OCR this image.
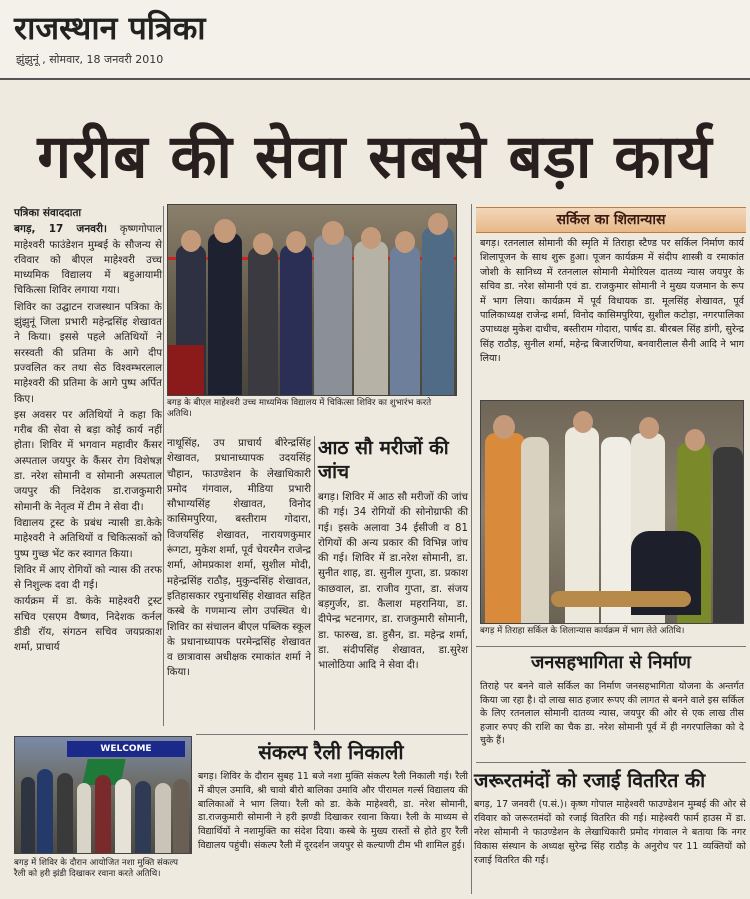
राजस्थान पत्रिका
झुंझुनूं , सोमवार, 18 जनवरी 2010
गरीब की सेवा सबसे बड़ा कार्य

पत्रिका संवाददाता

बगड़, 17 जनवरी। कृष्णगोपाल माहेश्वरी फाउंडेशन मुम्बई के सौजन्य से रविवार को बीएल माहेश्वरी उच्च माध्यमिक विद्यालय में बहुआयामी चिकित्सा शिविर लगाया गया।

शिविर का उद्घाटन राजस्थान पत्रिका के झुंझुनूं जिला प्रभारी महेन्द्रसिंह शेखावत ने किया। इससे पहले अतिथियों ने सरस्वती की प्रतिमा के आगे दीप प्रज्वलित कर तथा सेठ विश्वम्भरलाल माहेश्वरी की प्रतिमा के आगे पुष्प अर्पित किए।

इस अवसर पर अतिथियों ने कहा कि गरीब की सेवा से बड़ा कोई कार्य नहीं होता। शिविर में भगवान महावीर कैंसर अस्पताल जयपुर के कैंसर रोग विशेषज्ञ डा. नरेश सोमानी व सोमानी अस्पताल जयपुर की निदेशक डा.राजकुमारी सोमानी के नेतृत्व में टीम ने सेवा दी।

विद्यालय ट्रस्ट के प्रबंध न्यासी डा.केके माहेश्वरी ने अतिथियों व चिकित्सकों को पुष्प गुच्छ भेंट कर स्वागत किया।

शिविर में आए रोगियों को न्यास की तरफ से निशुल्क दवा दी गई।

कार्यक्रम में डा. केके माहेश्वरी ट्रस्ट सचिव एसएम वैष्णव, निदेशक कर्नल डीडी रॉय, संगठन सचिव जयप्रकाश शर्मा, प्राचार्य

बगड़ के बीएल माहेश्वरी उच्च माध्यमिक विद्यालय में चिकित्सा शिविर का शुभारंभ करते अतिथि।
नाथूसिंह, उप प्राचार्य बीरेन्द्रसिंह शेखावत, प्रधानाध्यापक उदयसिंह चौहान, फाउण्डेशन के लेखाधिकारी प्रमोद गंगवाल, मीडिया प्रभारी सौभाग्यसिंह शेखावत, विनोद कासिमपुरिया, बस्तीराम गोदारा, विजयसिंह शेखावत, नारायणकुमार रूंगटा, मुकेश शर्मा, पूर्व चेयरमैन राजेन्द्र शर्मा, ओमप्रकाश शर्मा, सुशील मोदी, महेन्द्रसिंह राठौड़, मुकुन्दसिंह शेखावत, इतिहासकार रघुनाथसिंह शेखावत सहित कस्बे के गणमान्य लोग उपस्थित थे। शिविर का संचालन बीएल पब्लिक स्कूल के प्रधानाध्यापक परमेन्द्रसिंह शेखावत व छात्रावास अधीक्षक रमाकांत शर्मा ने किया।
आठ सौ मरीजों की जांच
बगड़। शिविर में आठ सौ मरीजों की जांच की गई। 34 रोगियों की सोनोग्राफी की गई। इसके अलावा 34 ईसीजी व 81 रोगियों की अन्य प्रकार की विभिन्न जांच की गई। शिविर में डा.नरेश सोमानी, डा. सुनीत शाह, डा. सुनील गुप्ता, डा. प्रकाश काछवाल, डा. राजीव गुप्ता, डा. संजय बड़गुर्जर, डा. कैलाश महरानिया, डा. दीपेन्द्र भटनागर, डा. राजकुमारी सोमानी, डा. फारुख, डा. हुसैन, डा. महेन्द्र शर्मा, डा. संदीपसिंह शेखावत, डा.सुरेश भालोठिया आदि ने सेवा दी।
संकल्प रैली निकाली
बगड़। शिविर के दौरान सुबह 11 बजे नशा मुक्ति संकल्प रैली निकाली गई। रैली में बीएल उमावि, श्री चावो बीरो बालिका उमावि और पीरामल गर्ल्स विद्यालय की बालिकाओं ने भाग लिया। रैली को डा. केके माहेश्वरी, डा. नरेश सोमानी, डा.राजकुमारी सोमानी ने हरी झण्डी दिखाकर रवाना किया। रैली के माध्यम से विद्यार्थियों ने नशामुक्ति का संदेश दिया। कस्बे के मुख्य रास्तों से होते हुए रैली विद्यालय पहुंची। संकल्प रैली में दूरदर्शन जयपुर से कल्याणी टीम भी शामिल हुई।
WELCOME
बगड़ में शिविर के दौरान आयोजित नशा मुक्ति संकल्प रैली को हरी झंडी दिखाकर रवाना करते अतिथि।
सर्किल का शिलान्यास
बगड़। रतनलाल सोमानी की स्मृति में तिराहा स्टैण्ड पर सर्किल निर्माण कार्य शिलापूजन के साथ शुरू हुआ। पूजन कार्यक्रम में संदीप शास्त्री व रमाकांत जोशी के सानिध्य में रतनलाल सोमानी मेमोरियल दातव्य न्यास जयपुर के सचिव डा. नरेश सोमानी एवं डा. राजकुमार सोमानी ने मुख्य यजमान के रूप में भाग लिया। कार्यक्रम में पूर्व विधायक डा. मूलसिंह शेखावत, पूर्व पालिकाध्यक्ष राजेन्द्र शर्मा, विनोद कासिमपुरिया, सुशील कटोड़ा, नगरपालिका उपाध्यक्ष मुकेश दाधीच, बस्तीराम गोदारा, पार्षद डा. बीरबल सिंह डांगी, सुरेन्द्र सिंह राठौड़, सुनील शर्मा, महेन्द्र बिजारणिया, बनवारीलाल सैनी आदि ने भाग लिया।
बगड़ में तिराहा सर्किल के शिलान्यास कार्यक्रम में भाग लेते अतिथि।
जनसहभागिता से निर्माण
तिराहे पर बनने वाले सर्किल का निर्माण जनसहभागिता योजना के अन्तर्गत किया जा रहा है। दो लाख साठ हजार रूपए की लागत से बनने वाले इस सर्किल के लिए रतनलाल सोमानी दातव्य न्यास, जयपुर की ओर से एक लाख तीस हजार रुपए की राशि का चैक डा. नरेश सोमानी पूर्व में ही नगरपालिका को दे चुके हैं।
जरूरतमंदों को रजाई वितरित की
बगड़, 17 जनवरी (प.सं.)। कृष्ण गोपाल माहेश्वरी फाउण्डेशन मुम्बई की ओर से रविवार को जरूरतमंदों को रजाई वितरित की गई। माहेश्वरी फार्म हाउस में डा. नरेश सोमानी ने फाउण्डेशन के लेखाधिकारी प्रमोद गंगवाल ने बताया कि नगर विकास संस्थान के अध्यक्ष सुरेन्द्र सिंह राठौड़ के अनुरोध पर 11 व्यक्तियों को रजाई वितरित की गईं।
